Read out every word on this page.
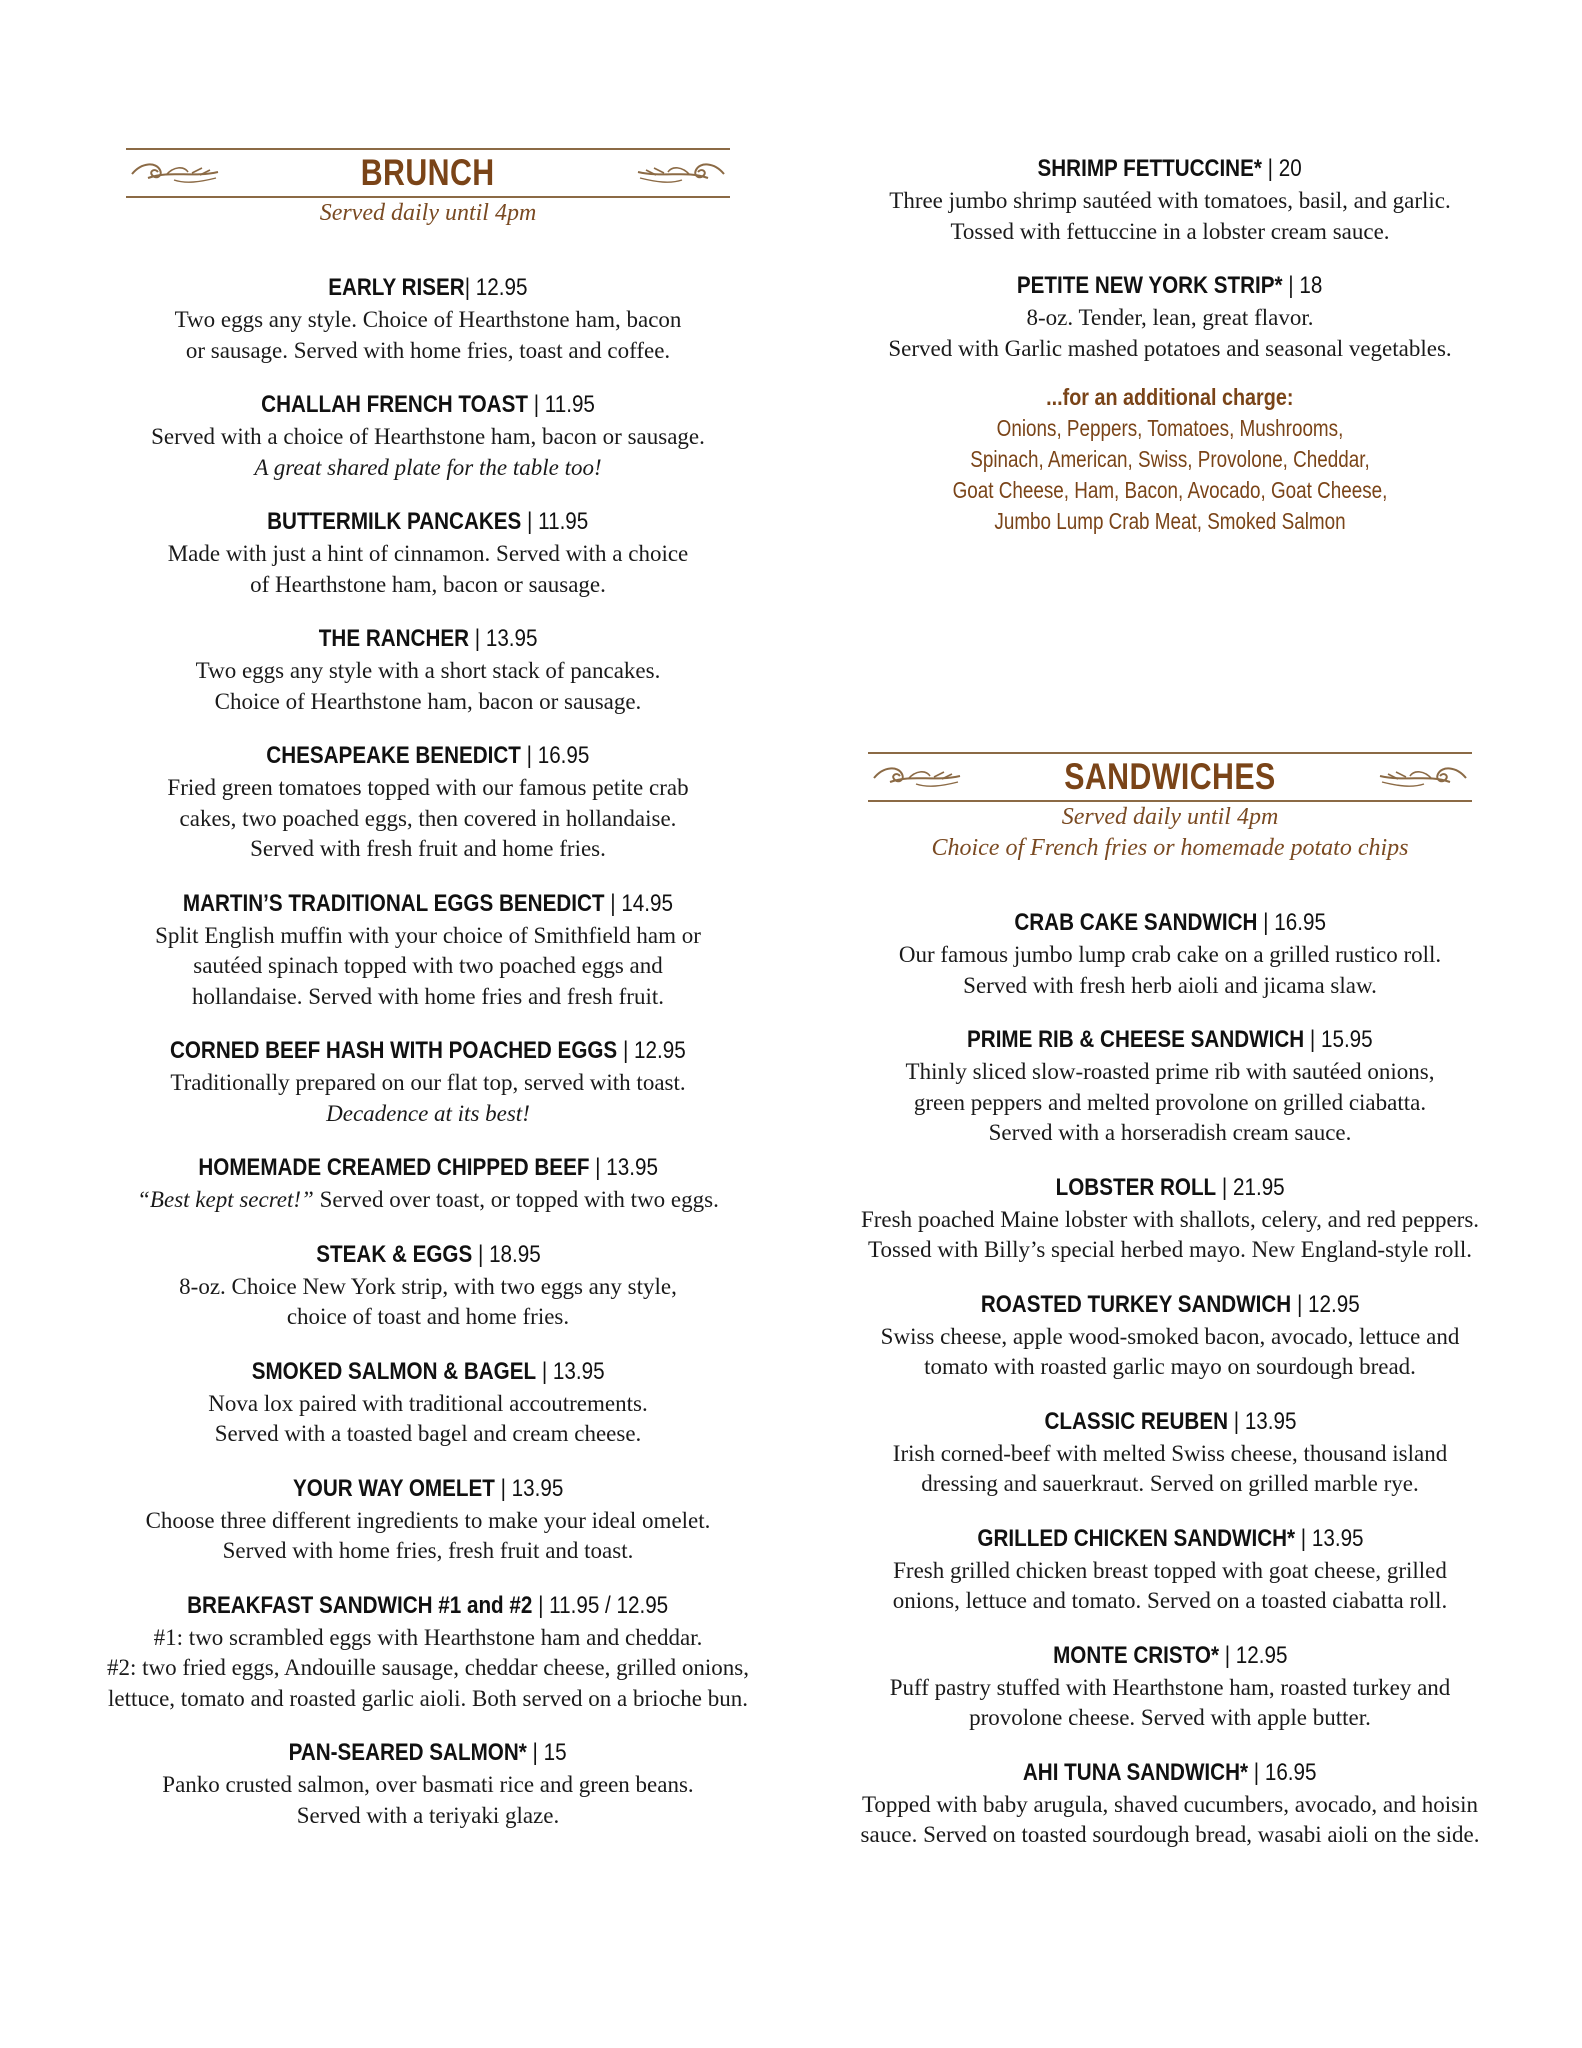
BRUNCH
Served daily until 4pm
EARLY RISER| 12.95
Two eggs any style. Choice of Hearthstone ham, bacon
or sausage. Served with home fries, toast and coffee.
CHALLAH FRENCH TOAST | 11.95
Served with a choice of Hearthstone ham, bacon or sausage.
A great shared plate for the table too!
BUTTERMILK PANCAKES | 11.95
Made with just a hint of cinnamon. Served with a choice
of Hearthstone ham, bacon or sausage.
THE RANCHER | 13.95
Two eggs any style with a short stack of pancakes.
Choice of Hearthstone ham, bacon or sausage.
CHESAPEAKE BENEDICT | 16.95
Fried green tomatoes topped with our famous petite crab
cakes, two poached eggs, then covered in hollandaise.
Served with fresh fruit and home fries.
MARTIN’S TRADITIONAL EGGS BENEDICT | 14.95
Split English muffin with your choice of Smithfield ham or
sautéed spinach topped with two poached eggs and
hollandaise. Served with home fries and fresh fruit.
CORNED BEEF HASH WITH POACHED EGGS | 12.95
Traditionally prepared on our flat top, served with toast.
Decadence at its best!
HOMEMADE CREAMED CHIPPED BEEF | 13.95
“Best kept secret!” Served over toast, or topped with two eggs.
STEAK & EGGS | 18.95
8-oz. Choice New York strip, with two eggs any style,
choice of toast and home fries.
SMOKED SALMON & BAGEL | 13.95
Nova lox paired with traditional accoutrements.
Served with a toasted bagel and cream cheese.
YOUR WAY OMELET | 13.95
Choose three different ingredients to make your ideal omelet.
Served with home fries, fresh fruit and toast.
BREAKFAST SANDWICH #1 and #2 | 11.95 / 12.95
#1: two scrambled eggs with Hearthstone ham and cheddar.
#2: two fried eggs, Andouille sausage, cheddar cheese, grilled onions,
lettuce, tomato and roasted garlic aioli. Both served on a brioche bun.
PAN-SEARED SALMON* | 15
Panko crusted salmon, over basmati rice and green beans.
Served with a teriyaki glaze.
SHRIMP FETTUCCINE* | 20
Three jumbo shrimp sautéed with tomatoes, basil, and garlic.
Tossed with fettuccine in a lobster cream sauce.
PETITE NEW YORK STRIP* | 18
8-oz. Tender, lean, great flavor.
Served with Garlic mashed potatoes and seasonal vegetables.
...for an additional charge:
Onions, Peppers, Tomatoes, Mushrooms,
Spinach, American, Swiss, Provolone, Cheddar,
Goat Cheese, Ham, Bacon, Avocado, Goat Cheese,
Jumbo Lump Crab Meat, Smoked Salmon
SANDWICHES
Served daily until 4pm
Choice of French fries or homemade potato chips
CRAB CAKE SANDWICH | 16.95
Our famous jumbo lump crab cake on a grilled rustico roll.
Served with fresh herb aioli and jicama slaw.
PRIME RIB & CHEESE SANDWICH | 15.95
Thinly sliced slow-roasted prime rib with sautéed onions,
green peppers and melted provolone on grilled ciabatta.
Served with a horseradish cream sauce.
LOBSTER ROLL | 21.95
Fresh poached Maine lobster with shallots, celery, and red peppers.
Tossed with Billy’s special herbed mayo. New England-style roll.
ROASTED TURKEY SANDWICH | 12.95
Swiss cheese, apple wood-smoked bacon, avocado, lettuce and
tomato with roasted garlic mayo on sourdough bread.
CLASSIC REUBEN | 13.95
Irish corned-beef with melted Swiss cheese, thousand island
dressing and sauerkraut. Served on grilled marble rye.
GRILLED CHICKEN SANDWICH* | 13.95
Fresh grilled chicken breast topped with goat cheese, grilled
onions, lettuce and tomato. Served on a toasted ciabatta roll.
MONTE CRISTO* | 12.95
Puff pastry stuffed with Hearthstone ham, roasted turkey and
provolone cheese. Served with apple butter.
AHI TUNA SANDWICH* | 16.95
Topped with baby arugula, shaved cucumbers, avocado, and hoisin
sauce. Served on toasted sourdough bread, wasabi aioli on the side.
